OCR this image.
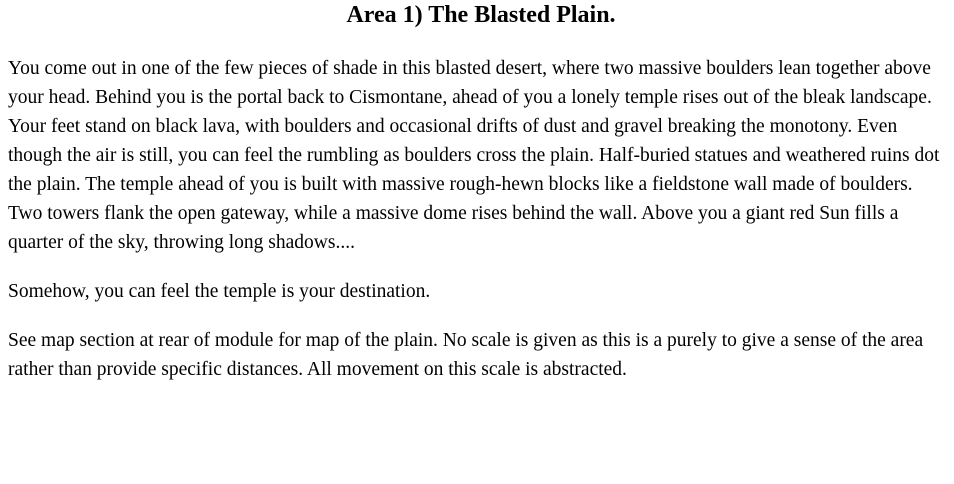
Area 1) The Blasted Plain.

You come out in one of the few pieces of shade in this blasted desert, where two massive boulders lean together above your head. Behind you is the portal back to Cismontane, ahead of you a lonely temple rises out of the bleak landscape. Your feet stand on black lava, with boulders and occasional drifts of dust and gravel breaking the monotony. Even though the air is still, you can feel the rumbling as boulders cross the plain. Half-buried statues and weathered ruins dot the plain. The temple ahead of you is built with massive rough-hewn blocks like a fieldstone wall made of boulders. Two towers flank the open gateway, while a massive dome rises behind the wall. Above you a giant red Sun fills a quarter of the sky, throwing long shadows....

Somehow, you can feel the temple is your destination.

See map section at rear of module for map of the plain. No scale is given as this is a purely to give a sense of the area rather than provide specific distances. All movement on this scale is abstracted.
